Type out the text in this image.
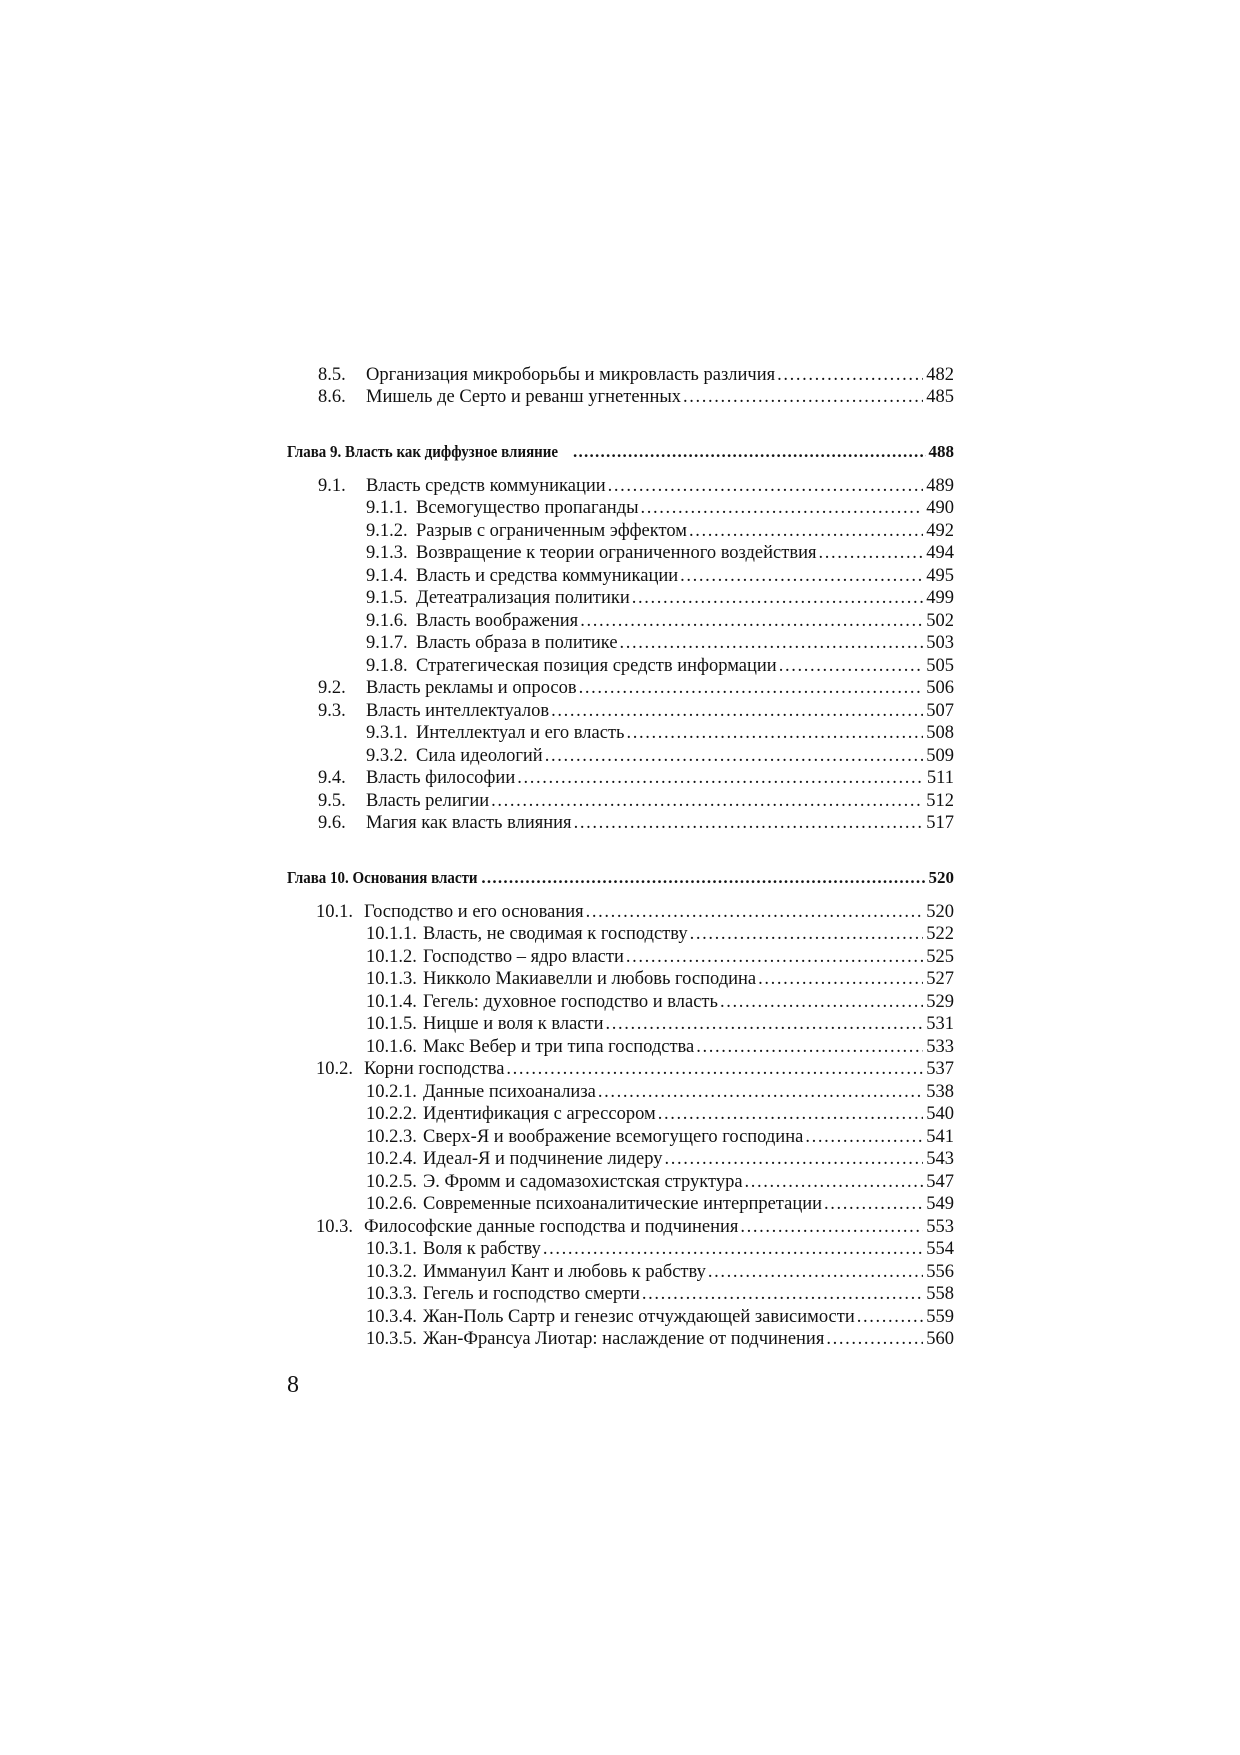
8.5.	Организация микроборьбы и микровласть различия . . .	482
8.6.	Мишель де Серто и реванш угнетенных . . .	485
Глава 9. Власть как диффузное влияние . . .	488
9.1.	Власть средств коммуникации . . .	489
9.1.1. Всемогущество пропаганды . . .	490
9.1.2. Разрыв с ограниченным эффектом . . .	492
9.1.3. Возвращение к теории ограниченного воздействия . . .	494
9.1.4. Власть и средства коммуникации . . .	495
9.1.5. Детеатрализация политики . . .	499
9.1.6. Власть воображения . . .	502
9.1.7. Власть образа в политике . . .	503
9.1.8. Стратегическая позиция средств информации . . .	505
9.2.	Власть рекламы и опросов . . .	506
9.3.	Власть интеллектуалов . . .	507
9.3.1. Интеллектуал и его власть . . .	508
9.3.2. Сила идеологий . . .	509
9.4.	Власть философии . . .	511
9.5.	Власть религии . . .	512
9.6.	Магия как власть влияния . . .	517
Глава 10. Основания власти . . .	520
10.1. Господство и его основания . . .	520
10.1.1. Власть, не сводимая к господству . . .	522
10.1.2. Господство – ядро власти . . .	525
10.1.3. Никколо Макиавелли и любовь господина . . .	527
10.1.4. Гегель: духовное господство и власть . . .	529
10.1.5. Ницше и воля к власти . . .	531
10.1.6. Макс Вебер и три типа господства . . .	533
10.2. Корни господства . . .	537
10.2.1. Данные психоанализа . . .	538
10.2.2. Идентификация с агрессором . . .	540
10.2.3. Сверх-Я и воображение всемогущего господина . . .	541
10.2.4. Идеал-Я и подчинение лидеру . . .	543
10.2.5. Э. Фромм и садомазохистская структура . . .	547
10.2.6. Современные психоаналитические интерпретации . . .	549
10.3. Философские данные господства и подчинения . . .	553
10.3.1. Воля к рабству . . .	554
10.3.2. Иммануил Кант и любовь к рабству . . .	556
10.3.3. Гегель и господство смерти . . .	558
10.3.4. Жан-Поль Сартр и генезис отчуждающей зависимости . . .	559
10.3.5. Жан-Франсуа Лиотар: наслаждение от подчинения . . .	560
8
